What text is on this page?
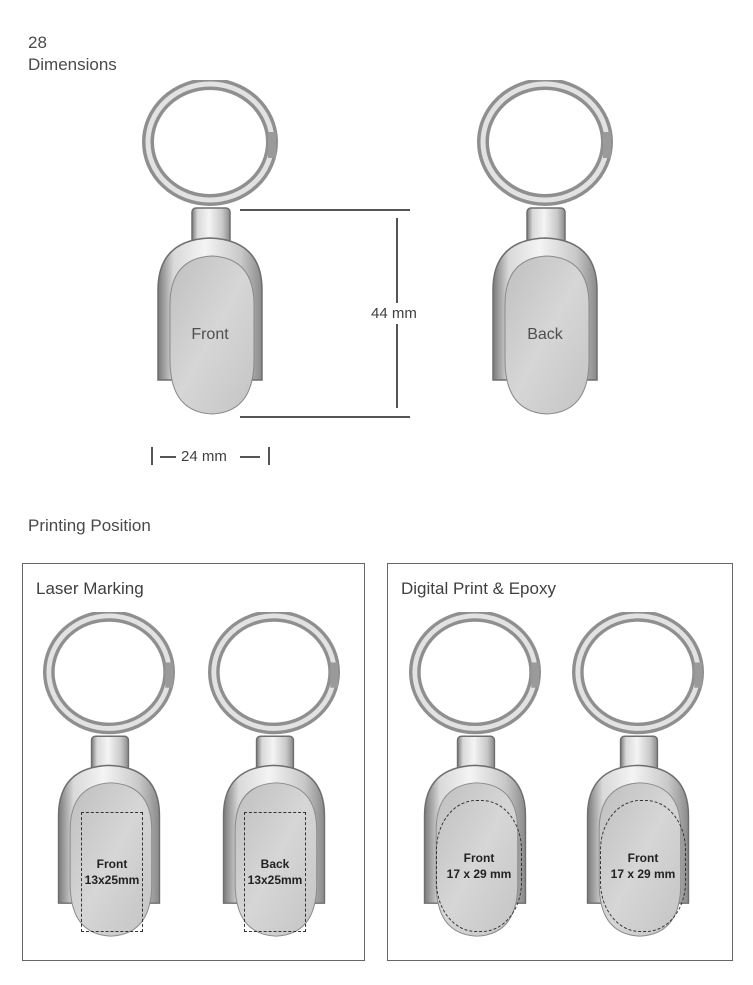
28
Dimensions
Front	Back
44 mm
24 mm
Printing Position
Laser Marking
Front
13x25mm
Back
13x25mm
Digital Print & Epoxy
Front
17 x 29 mm
Front
17 x 29 mm
